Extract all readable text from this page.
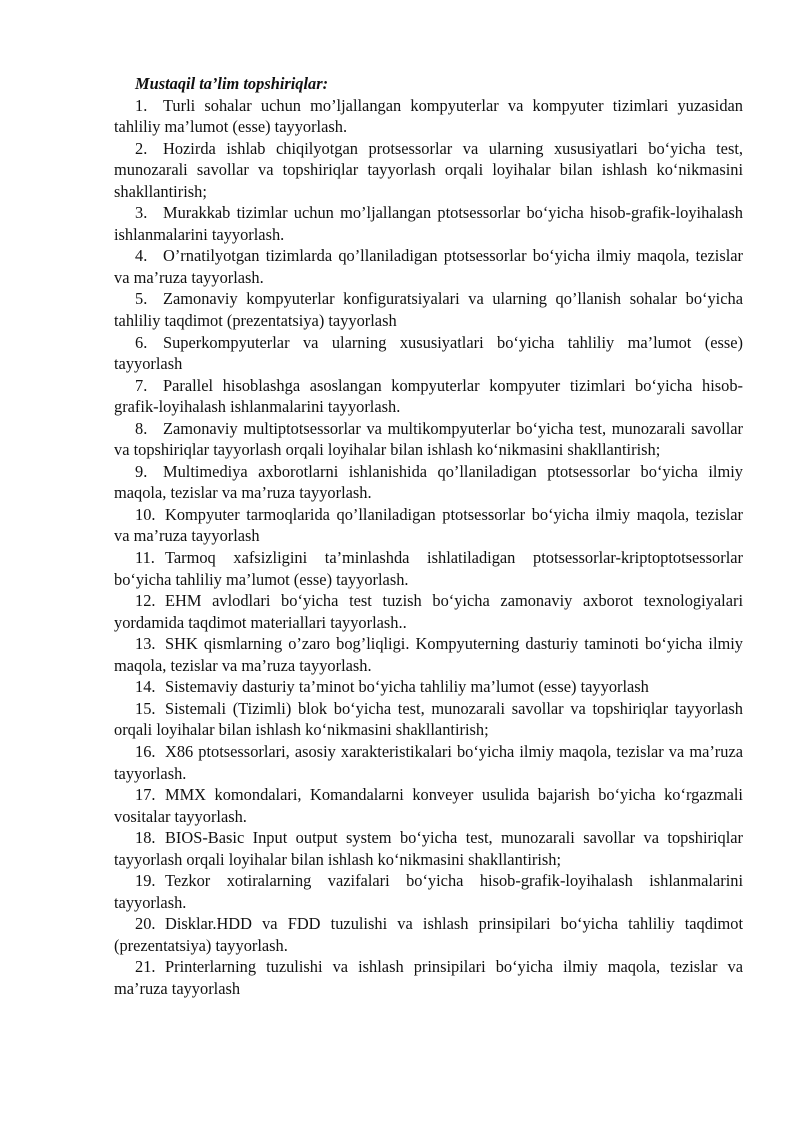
Mustaqil ta’lim topshiriqlar:

1. Turli sohalar uchun mo’ljallangan kompyuterlar va kompyuter tizimlari yuzasidan tahliliy ma’lumot (esse) tayyorlash.
2. Hozirda ishlab chiqilyotgan protsessorlar va ularning xususiyatlari bo‘yicha test, munozarali savollar va topshiriqlar tayyorlash orqali loyihalar bilan ishlash ko‘nikmasini shakllantirish;
3. Murakkab tizimlar uchun mo’ljallangan ptotsessorlar bo‘yicha hisob-grafik-loyihalash ishlanmalarini tayyorlash.
4. O’rnatilyotgan tizimlarda qo’llaniladigan ptotsessorlar bo‘yicha ilmiy maqola, tezislar va ma’ruza tayyorlash.
5. Zamonaviy kompyuterlar konfiguratsiyalari va ularning qo’llanish sohalar bo‘yicha tahliliy taqdimot (prezentatsiya) tayyorlash
6. Superkompyuterlar va ularning xususiyatlari bo‘yicha tahliliy ma’lumot (esse) tayyorlash
7. Parallel hisoblashga asoslangan kompyuterlar kompyuter tizimlari bo‘yicha hisob-grafik-loyihalash ishlanmalarini tayyorlash.
8. Zamonaviy multiptotsessorlar va multikompyuterlar bo‘yicha test, munozarali savollar va topshiriqlar tayyorlash orqali loyihalar bilan ishlash ko‘nikmasini shakllantirish;
9. Multimediya axborotlarni ishlanishida qo’llaniladigan ptotsessorlar bo‘yicha ilmiy maqola, tezislar va ma’ruza tayyorlash.
10. Kompyuter tarmoqlarida qo’llaniladigan ptotsessorlar bo‘yicha ilmiy maqola, tezislar va ma’ruza tayyorlash
11. Tarmoq xafsizligini ta’minlashda ishlatiladigan ptotsessorlar-kriptoptotsessorlar bo‘yicha tahliliy ma’lumot (esse) tayyorlash.
12. EHM avlodlari bo‘yicha test tuzish bo‘yicha zamonaviy axborot texnologiyalari yordamida taqdimot materiallari tayyorlash..
13. SHK qismlarning o’zaro bog’liqligi. Kompyuterning dasturiy taminoti bo‘yicha ilmiy maqola, tezislar va ma’ruza tayyorlash.
14. Sistemaviy dasturiy ta’minot bo‘yicha tahliliy ma’lumot (esse) tayyorlash
15. Sistemali (Tizimli) blok bo‘yicha test, munozarali savollar va topshiriqlar tayyorlash orqali loyihalar bilan ishlash ko‘nikmasini shakllantirish;
16. X86 ptotsessorlari, asosiy xarakteristikalari bo‘yicha ilmiy maqola, tezislar va ma’ruza tayyorlash.
17. MMX komondalari, Komandalarni konveyer usulida bajarish bo‘yicha ko‘rgazmali vositalar tayyorlash.
18. BIOS-Basic Input output system bo‘yicha test, munozarali savollar va topshiriqlar tayyorlash orqali loyihalar bilan ishlash ko‘nikmasini shakllantirish;
19. Tezkor xotiralarning vazifalari bo‘yicha hisob-grafik-loyihalash ishlanmalarini tayyorlash.
20. Disklar.HDD va FDD tuzulishi va ishlash prinsipilari bo‘yicha tahliliy taqdimot (prezentatsiya) tayyorlash.
21. Printerlarning tuzulishi va ishlash prinsipilari bo‘yicha ilmiy maqola, tezislar va ma’ruza tayyorlash
